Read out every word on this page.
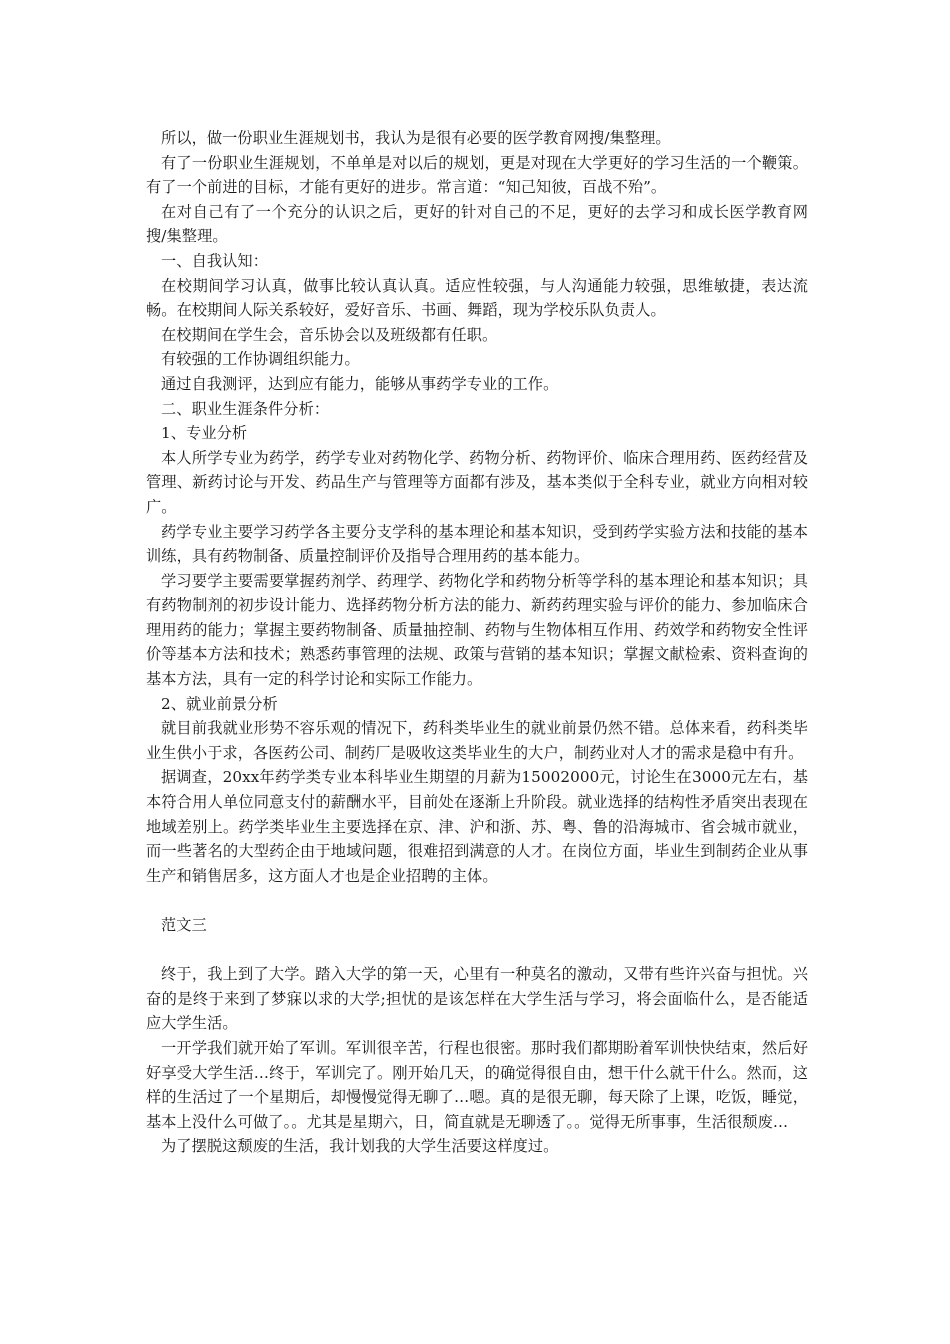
所以，做一份职业生涯规划书，我认为是很有必要的医学教育网搜/集整理。

有了一份职业生涯规划，不单单是对以后的规划，更是对现在大学更好的学习生活的一个鞭策。有了一个前进的目标，才能有更好的进步。常言道：“知己知彼，百战不殆”。

在对自己有了一个充分的认识之后，更好的针对自己的不足，更好的去学习和成长医学教育网搜/集整理。

一、自我认知：

在校期间学习认真，做事比较认真认真。适应性较强，与人沟通能力较强，思维敏捷，表达流畅。在校期间人际关系较好，爱好音乐、书画、舞蹈，现为学校乐队负责人。

在校期间在学生会，音乐协会以及班级都有任职。

有较强的工作协调组织能力。

通过自我测评，达到应有能力，能够从事药学专业的工作。

二、职业生涯条件分析：

1、专业分析

本人所学专业为药学，药学专业对药物化学、药物分析、药物评价、临床合理用药、医药经营及管理、新药讨论与开发、药品生产与管理等方面都有涉及，基本类似于全科专业，就业方向相对较广。

药学专业主要学习药学各主要分支学科的基本理论和基本知识，受到药学实验方法和技能的基本训练，具有药物制备、质量控制评价及指导合理用药的基本能力。

学习要学主要需要掌握药剂学、药理学、药物化学和药物分析等学科的基本理论和基本知识；具有药物制剂的初步设计能力、选择药物分析方法的能力、新药药理实验与评价的能力、参加临床合理用药的能力；掌握主要药物制备、质量抽控制、药物与生物体相互作用、药效学和药物安全性评价等基本方法和技术；熟悉药事管理的法规、政策与营销的基本知识；掌握文献检索、资料查询的基本方法，具有一定的科学讨论和实际工作能力。

2、就业前景分析

就目前我就业形势不容乐观的情况下，药科类毕业生的就业前景仍然不错。总体来看，药科类毕业生供小于求，各医药公司、制药厂是吸收这类毕业生的大户，制药业对人才的需求是稳中有升。

据调查，20xx年药学类专业本科毕业生期望的月薪为15002000元，讨论生在3000元左右，基本符合用人单位同意支付的薪酬水平，目前处在逐渐上升阶段。就业选择的结构性矛盾突出表现在地域差别上。药学类毕业生主要选择在京、津、沪和浙、苏、粤、鲁的沿海城市、省会城市就业，而一些著名的大型药企由于地域问题，很难招到满意的人才。在岗位方面，毕业生到制药企业从事生产和销售居多，这方面人才也是企业招聘的主体。

范文三

终于，我上到了大学。踏入大学的第一天，心里有一种莫名的激动，又带有些许兴奋与担忧。兴奋的是终于来到了梦寐以求的大学;担忧的是该怎样在大学生活与学习，将会面临什么，是否能适应大学生活。

一开学我们就开始了军训。军训很辛苦，行程也很密。那时我们都期盼着军训快快结束，然后好好享受大学生活…终于，军训完了。刚开始几天，的确觉得很自由，想干什么就干什么。然而，这样的生活过了一个星期后，却慢慢觉得无聊了…嗯。真的是很无聊，每天除了上课，吃饭，睡觉，基本上没什么可做了。。尤其是星期六，日，简直就是无聊透了。。觉得无所事事，生活很颓废…

为了摆脱这颓废的生活，我计划我的大学生活要这样度过。
